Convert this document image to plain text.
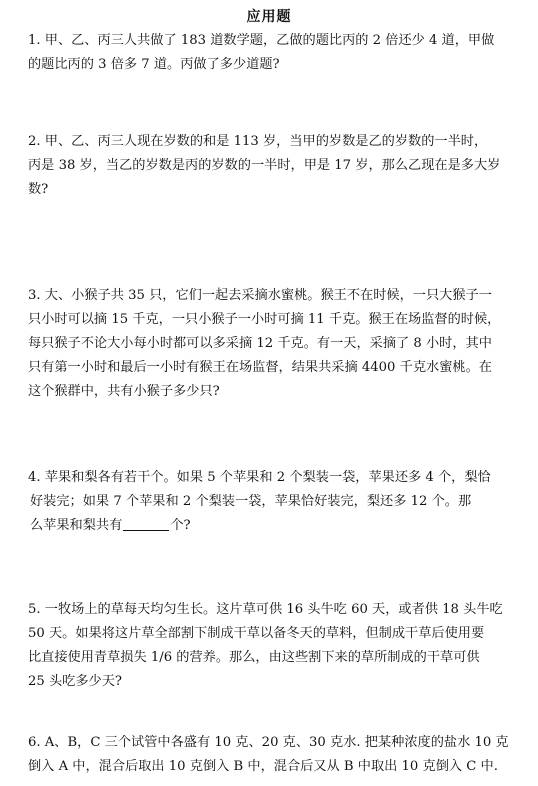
应用题
1. 甲、乙、丙三人共做了 183 道数学题，乙做的题比丙的 2 倍还少 4 道，甲做
的题比丙的 3 倍多 7 道。丙做了多少道题?
2. 甲、乙、丙三人现在岁数的和是 113 岁，当甲的岁数是乙的岁数的一半时，
丙是 38 岁，当乙的岁数是丙的岁数的一半时，甲是 17 岁，那么乙现在是多大岁
数?
3. 大、小猴子共 35 只，它们一起去采摘水蜜桃。猴王不在时候，一只大猴子一
只小时可以摘 15 千克，一只小猴子一小时可摘 11 千克。猴王在场监督的时候，
每只猴子不论大小每小时都可以多采摘 12 千克。有一天，采摘了 8 小时，其中
只有第一小时和最后一小时有猴王在场监督，结果共采摘 4400 千克水蜜桃。在
这个猴群中，共有小猴子多少只?
4. 苹果和梨各有若干个。如果 5 个苹果和 2 个梨装一袋，苹果还多 4 个，梨恰
好装完；如果 7 个苹果和 2 个梨装一袋，苹果恰好装完，梨还多 12 个。那
么苹果和梨共有	个?
5. 一牧场上的草每天均匀生长。这片草可供 16 头牛吃 60 天，或者供 18 头牛吃
50 天。如果将这片草全部割下制成干草以备冬天的草料，但制成干草后使用要
比直接使用青草损失 1/6 的营养。那么，由这些割下来的草所制成的干草可供
25 头吃多少天?
6. A、B，C 三个试管中各盛有 10 克、20 克、30 克水. 把某种浓度的盐水 10 克
倒入 A 中，混合后取出 10 克倒入 B 中，混合后又从 B 中取出 10 克倒入 C 中.
